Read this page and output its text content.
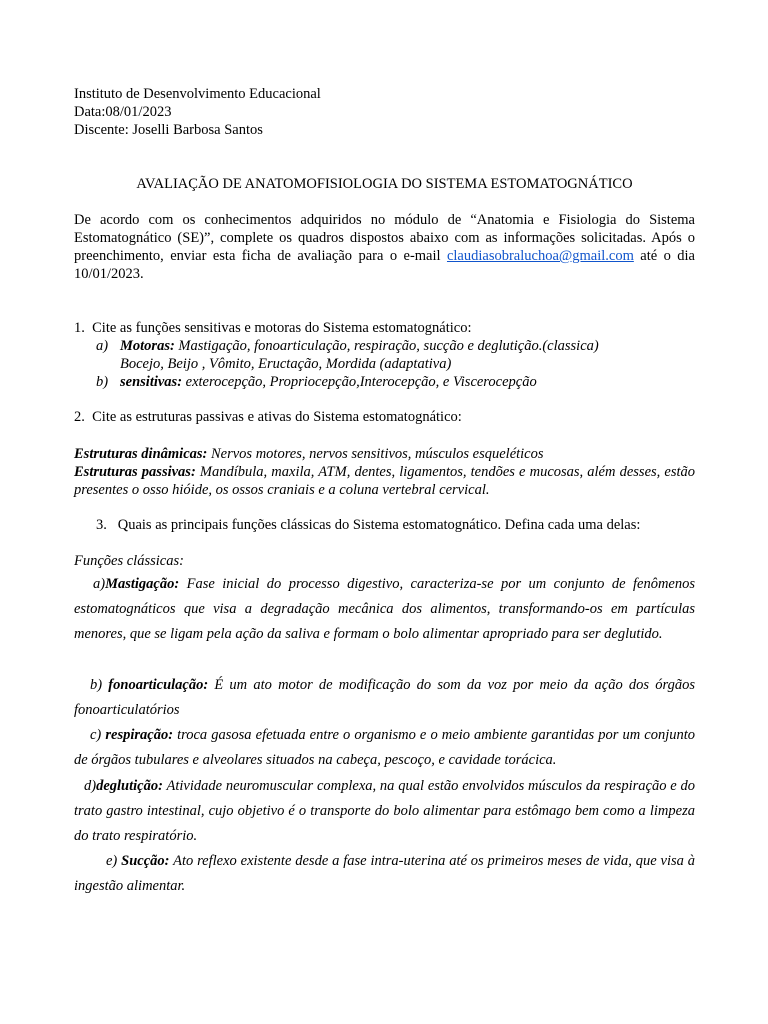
Instituto de Desenvolvimento Educacional
Data:08/01/2023
Discente: Joselli Barbosa Santos
AVALIAÇÃO DE ANATOMOFISIOLOGIA DO SISTEMA ESTOMATOGNÁTICO
De acordo com os conhecimentos adquiridos no módulo de “Anatomia e Fisiologia do Sistema Estomatognático (SE)”, complete os quadros dispostos abaixo com as informações solicitadas. Após o preenchimento, enviar esta ficha de avaliação para o e-mail claudiasobraluchoa@gmail.com até o dia 10/01/2023.
1. Cite as funções sensitivas e motoras do Sistema estomatognático:
a) Motoras: Mastigação, fonoarticulação, respiração, sucção e deglutição.(classica)
Bocejo, Beijo , Vômito, Eructação, Mordida (adaptativa)
b) sensitivas: exterocepção, Propriocepção,Interocepção, e Viscerocepção
2. Cite as estruturas passivas e ativas do Sistema estomatognático:
Estruturas dinâmicas: Nervos motores, nervos sensitivos, músculos esqueléticos
Estruturas passivas: Mandíbula, maxila, ATM, dentes, ligamentos, tendões e mucosas, além desses, estão presentes o osso hióide, os ossos craniais e a coluna vertebral cervical.
3. Quais as principais funções clássicas do Sistema estomatognático. Defina cada uma delas:
Funções clássicas:
a)Mastigação: Fase inicial do processo digestivo, caracteriza-se por um conjunto de fenômenos estomatognáticos que visa a degradação mecânica dos alimentos, transformando-os em partículas menores, que se ligam pela ação da saliva e formam o bolo alimentar apropriado para ser deglutido.
b) fonoarticulação: É um ato motor de modificação do som da voz por meio da ação dos órgãos fonoarticulatórios
c) respiração: troca gasosa efetuada entre o organismo e o meio ambiente garantidas por um conjunto de órgãos tubulares e alveolares situados na cabeça, pescoço, e cavidade torácica.
d)deglutição: Atividade neuromuscular complexa, na qual estão envolvidos músculos da respiração e do trato gastro intestinal, cujo objetivo é o transporte do bolo alimentar para estômago bem como a limpeza do trato respiratório.
e) Sucção: Ato reflexo existente desde a fase intra-uterina até os primeiros meses de vida, que visa à ingestão alimentar.
